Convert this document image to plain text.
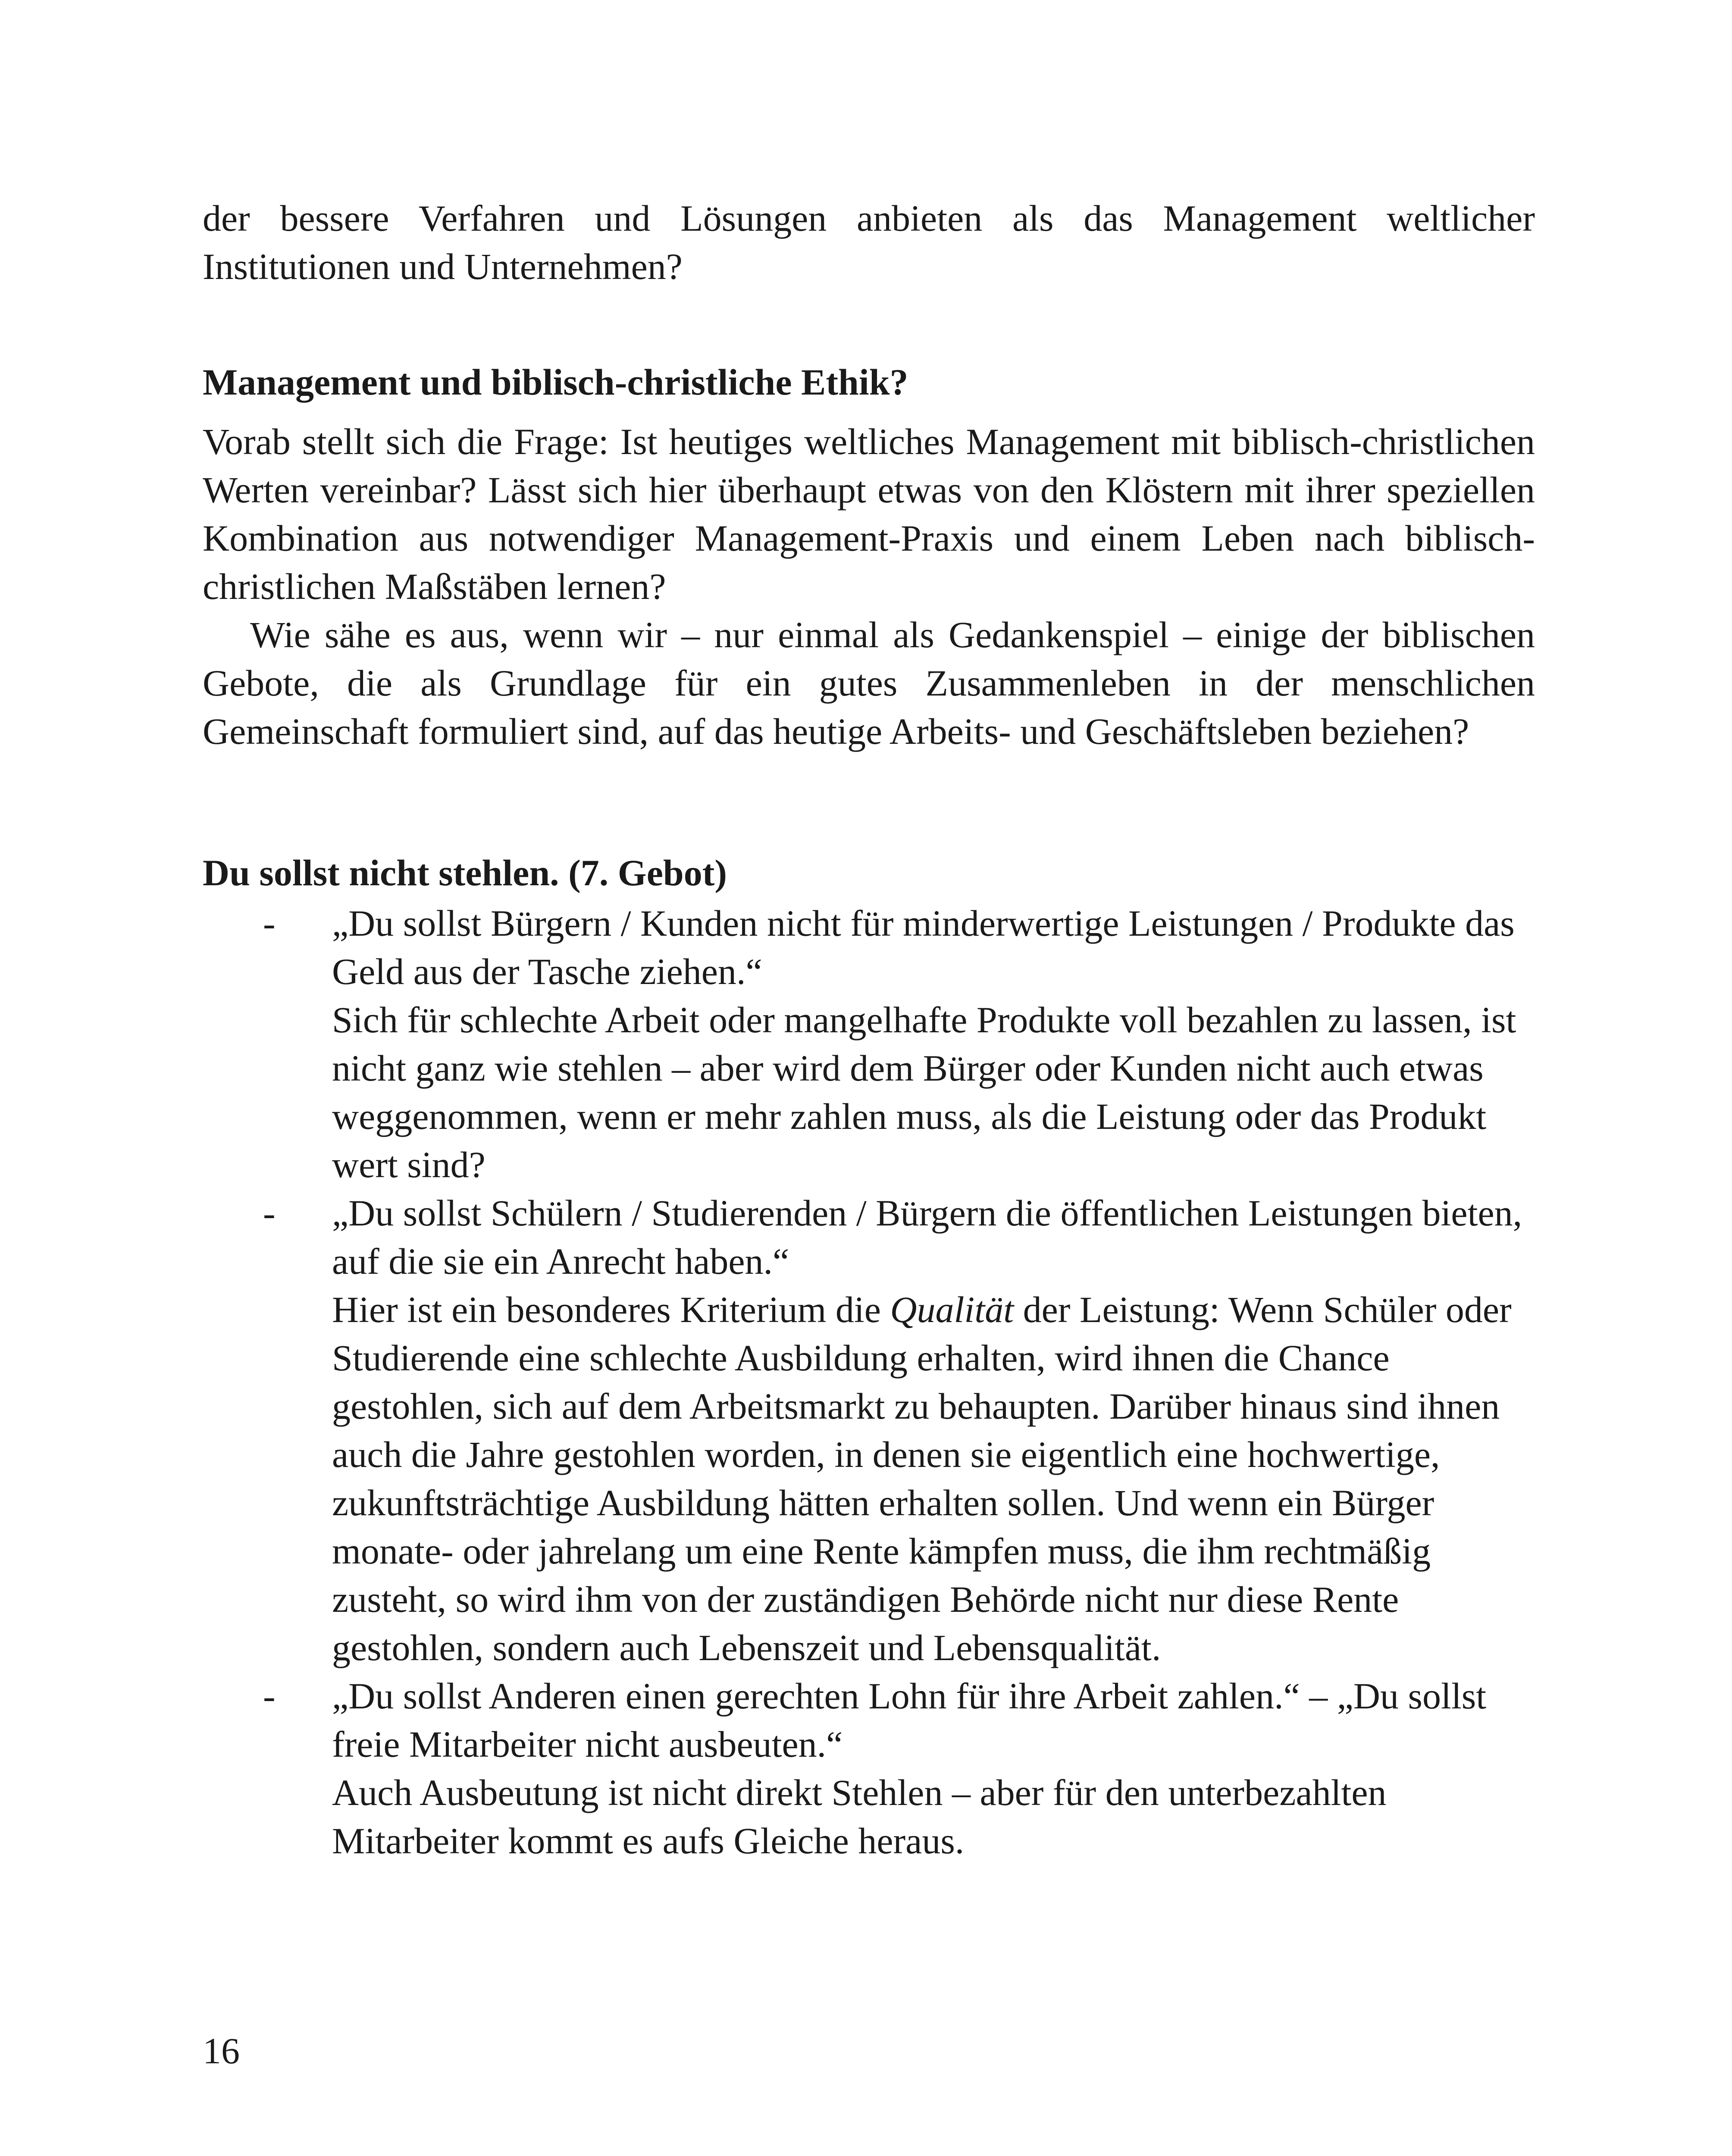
der bessere Verfahren und Lösungen anbieten als das Management weltlicher Institutionen und Unternehmen?

Management und biblisch-christliche Ethik?

Vorab stellt sich die Frage: Ist heutiges weltliches Management mit biblisch-christlichen Werten vereinbar? Lässt sich hier überhaupt etwas von den Klöstern mit ihrer speziellen Kombination aus notwendiger Management-Praxis und einem Leben nach biblisch-christlichen Maßstäben lernen?

Wie sähe es aus, wenn wir – nur einmal als Gedankenspiel – einige der biblischen Gebote, die als Grundlage für ein gutes Zusammenleben in der menschlichen Gemeinschaft formuliert sind, auf das heutige Arbeits- und Geschäftsleben beziehen?

Du sollst nicht stehlen. (7. Gebot)
-	„Du sollst Bürgern / Kunden nicht für minderwertige Leistungen / Produkte das Geld aus der Tasche ziehen.“

Sich für schlechte Arbeit oder mangelhafte Produkte voll bezahlen zu lassen, ist nicht ganz wie stehlen – aber wird dem Bürger oder Kunden nicht auch etwas weggenommen, wenn er mehr zahlen muss, als die Leistung oder das Produkt wert sind?

-	„Du sollst Schülern / Studierenden / Bürgern die öffentlichen Leistungen bieten, auf die sie ein Anrecht haben.“

Hier ist ein besonderes Kriterium die Qualität der Leistung: Wenn Schüler oder Studierende eine schlechte Ausbildung erhalten, wird ihnen die Chance gestohlen, sich auf dem Arbeitsmarkt zu behaupten. Darüber hinaus sind ihnen auch die Jahre gestohlen worden, in denen sie eigentlich eine hochwertige, zukunftsträchtige Ausbildung hätten erhalten sollen. Und wenn ein Bürger monate- oder jahrelang um eine Rente kämpfen muss, die ihm rechtmäßig zusteht, so wird ihm von der zuständigen Behörde nicht nur diese Rente gestohlen, sondern auch Lebenszeit und Lebensqualität.

-	„Du sollst Anderen einen gerechten Lohn für ihre Arbeit zahlen.“ – „Du sollst freie Mitarbeiter nicht ausbeuten.“

Auch Ausbeutung ist nicht direkt Stehlen – aber für den unterbezahlten Mitarbeiter kommt es aufs Gleiche heraus.

16
